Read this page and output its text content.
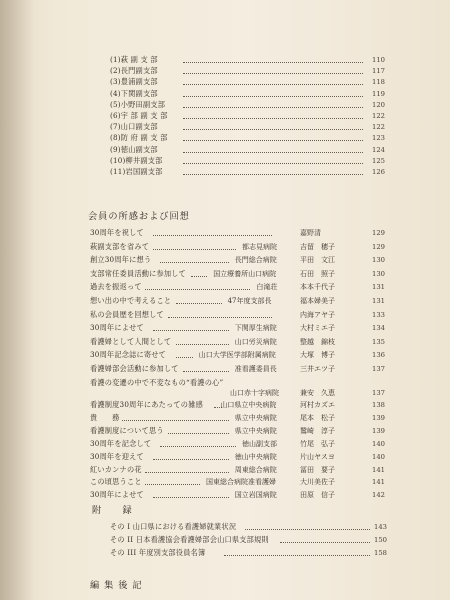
(1)萩 副 支 部	110
(2)長門副支部	117
(3)豊浦副支部	118
(4)下関副支部	119
(5)小野田副支部	120
(6)宇 部 副 支 部	122
(7)山口副支部	122
(8)防 府 副 支 部	123
(9)徳山副支部	124
(10)柳井副支部	125
(11)岩国副支部	126
会員の所感および回想
30周年を祝して	嘉野清	129
萩副支部を省みて	都志見病院	吉留　穂子	129
創立30周年に想う	長門総合病院	平田　文江	130
支部常任委員活動に参加して	国立療養所山口病院	石田　照子	130
過去を振返って	白滝荘	本本千代子	131
想い出の中で考えること	47年度支部長	福本婦美子	131
私の会員歴を回想して	内海アヤ子	133
30周年によせて	下関厚生病院	大村ミエ子	134
看護婦として人間として	山口労災病院	整越　錦枝	135
30周年記念誌に寄せて	山口大学医学部附属病院	大塚　博子	136
看護婦部会活動に参加して	准看護委員長	三井エツ子	137
看護の変遷の中で不変なもの“看護の心”
山口赤十字病院	兼安　久恵	137
看護制度30周年にあたっての雑感 山口県立中央病院	河村カズエ	138
貴　　務	県立中央病院	尾本　松子	139
看護制度について思う	県立中央病院	鷲崎　淳子	139
30周年を記念して	徳山副支部	竹尾　弘子	140
30周年を迎えて	徳山中央病院	片山ヤスヨ	140
紅いカンナの花	周東総合病院	冨田　要子	141
この頃思うこと	国東総合病院准看護婦	大川美佐子	141
30周年によせて	国立岩国病院	田原　信子	142
附　　録
その I 山口県における看護婦就業状況	143
その II 日本看護協会看護婦部会山口県支部規則	150
その III 年度別支部役員名簿	158
編 集 後 記
